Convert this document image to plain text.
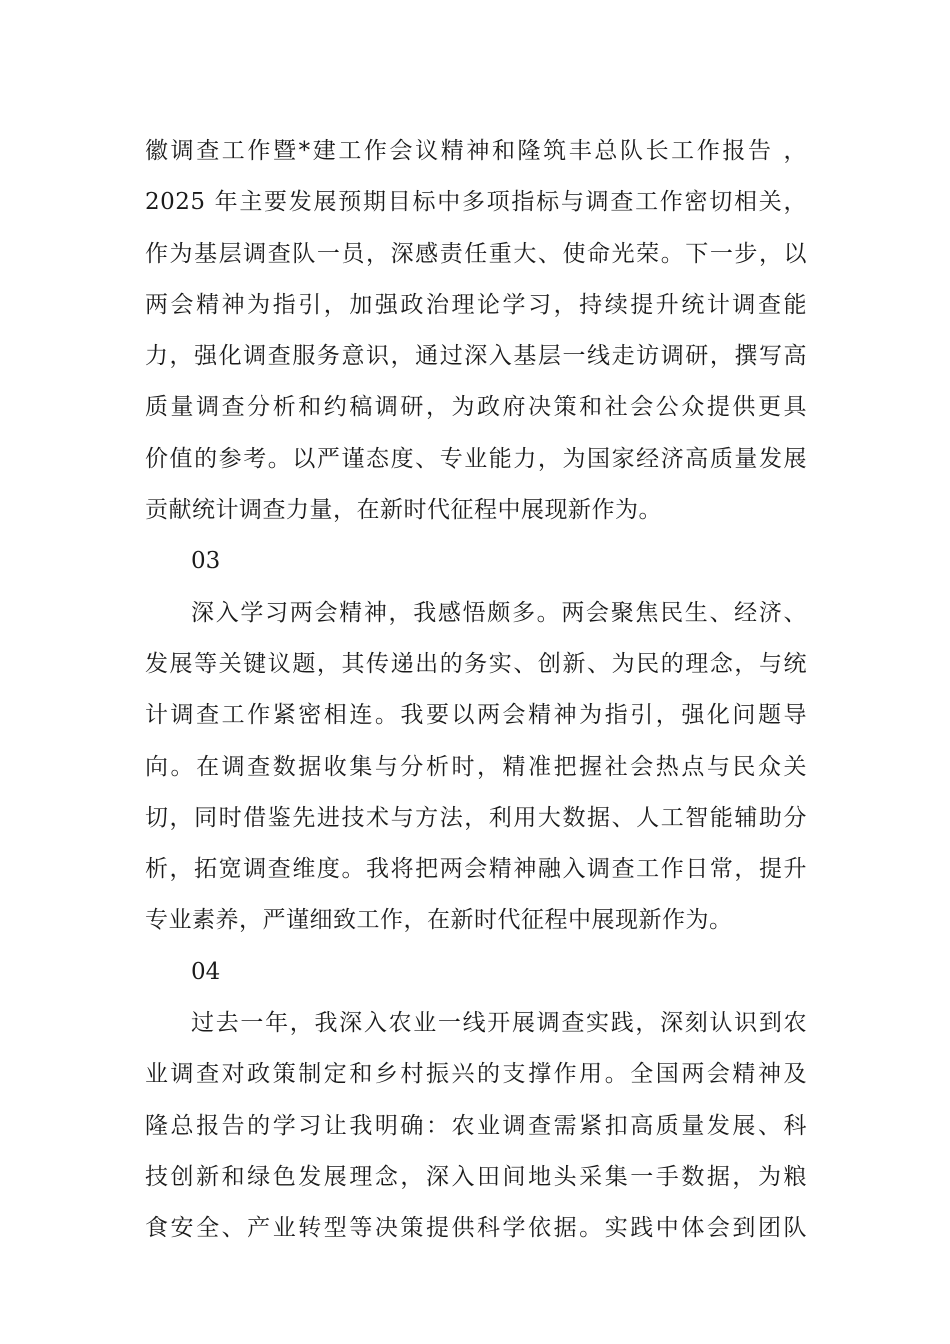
徽调查工作暨*建工作会议精神和隆筑丰总队长工作报告 ，
2025 年主要发展预期目标中多项指标与调查工作密切相关，
作为基层调查队一员，深感责任重大、使命光荣。下一步，以
两会精神为指引，加强政治理论学习，持续提升统计调查能
力，强化调查服务意识，通过深入基层一线走访调研，撰写高
质量调查分析和约稿调研，为政府决策和社会公众提供更具
价值的参考。以严谨态度、专业能力，为国家经济高质量发展
贡献统计调查力量，在新时代征程中展现新作为。
03
深入学习两会精神，我感悟颇多。两会聚焦民生、经济、
发展等关键议题，其传递出的务实、创新、为民的理念，与统
计调查工作紧密相连。我要以两会精神为指引，强化问题导
向。在调查数据收集与分析时，精准把握社会热点与民众关
切，同时借鉴先进技术与方法，利用大数据、人工智能辅助分
析，拓宽调查维度。我将把两会精神融入调查工作日常，提升
专业素养，严谨细致工作，在新时代征程中展现新作为。
04
过去一年，我深入农业一线开展调查实践，深刻认识到农
业调查对政策制定和乡村振兴的支撑作用。全国两会精神及
隆总报告的学习让我明确：农业调查需紧扣高质量发展、科
技创新和绿色发展理念，深入田间地头采集一手数据，为粮
食安全、产业转型等决策提供科学依据。实践中体会到团队
